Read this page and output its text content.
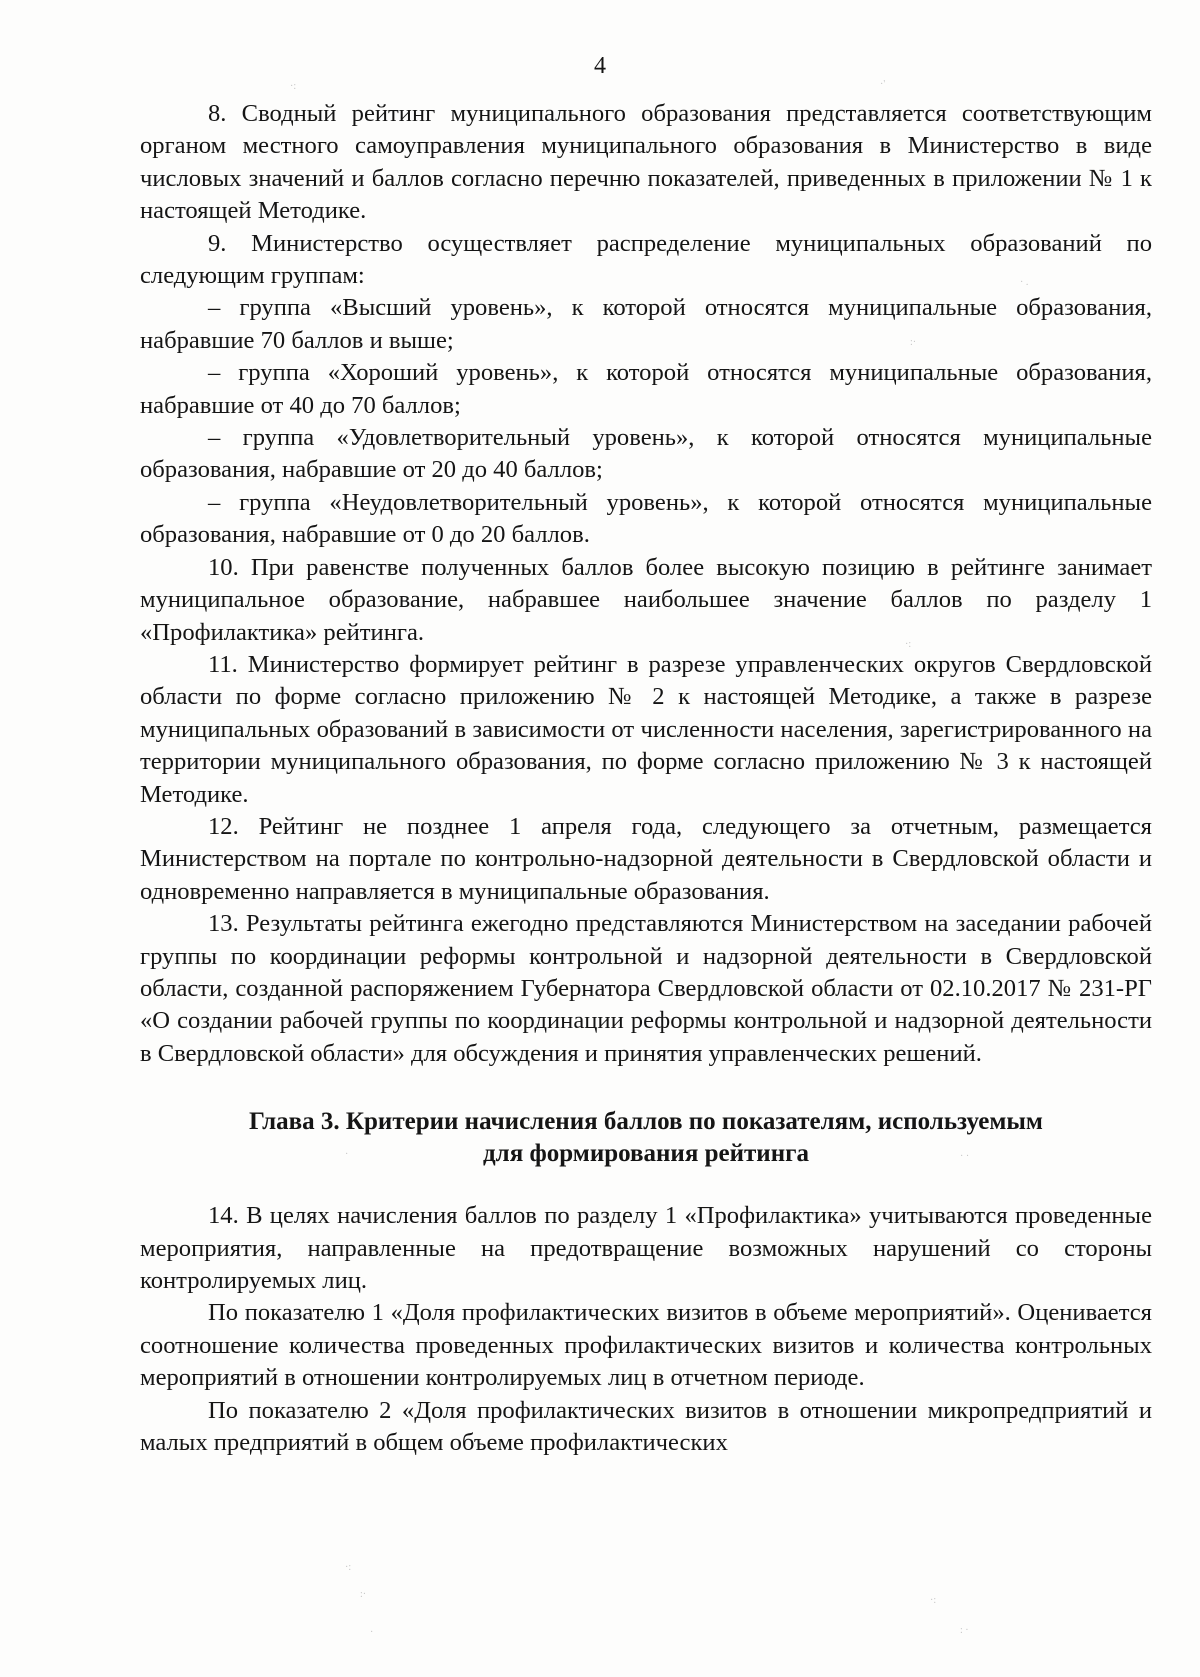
4

8. Сводный рейтинг муниципального образования представляется соответствующим органом местного самоуправления муниципального образования в Министерство в виде числовых значений и баллов согласно перечню показателей, приведенных в приложении № 1 к настоящей Методике.

9. Министерство осуществляет распределение муниципальных образований по следующим группам:

– группа «Высший уровень», к которой относятся муниципальные образования, набравшие 70 баллов и выше;

– группа «Хороший уровень», к которой относятся муниципальные образования, набравшие от 40 до 70 баллов;

– группа «Удовлетворительный уровень», к которой относятся муниципальные образования, набравшие от 20 до 40 баллов;

– группа «Неудовлетворительный уровень», к которой относятся муниципальные образования, набравшие от 0 до 20 баллов.

10. При равенстве полученных баллов более высокую позицию в рейтинге занимает муниципальное образование, набравшее наибольшее значение баллов по разделу 1 «Профилактика» рейтинга.

11. Министерство формирует рейтинг в разрезе управленческих округов Свердловской области по форме согласно приложению № 2 к настоящей Методике, а также в разрезе муниципальных образований в зависимости от численности населения, зарегистрированного на территории муниципального образования, по форме согласно приложению № 3 к настоящей Методике.

12. Рейтинг не позднее 1 апреля года, следующего за отчетным, размещается Министерством на портале по контрольно-надзорной деятельности в Свердловской области и одновременно направляется в муниципальные образования.

13. Результаты рейтинга ежегодно представляются Министерством на заседании рабочей группы по координации реформы контрольной и надзорной деятельности в Свердловской области, созданной распоряжением Губернатора Свердловской области от 02.10.2017 № 231-РГ «О создании рабочей группы по координации реформы контрольной и надзорной деятельности в Свердловской области» для обсуждения и принятия управленческих решений.

Глава 3. Критерии начисления баллов по показателям, используемым
для формирования рейтинга

14. В целях начисления баллов по разделу 1 «Профилактика» учитываются проведенные мероприятия, направленные на предотвращение возможных нарушений со стороны контролируемых лиц.

По показателю 1 «Доля профилактических визитов в объеме мероприятий». Оценивается соотношение количества проведенных профилактических визитов и количества контрольных мероприятий в отношении контролируемых лиц в отчетном периоде.

По показателю 2 «Доля профилактических визитов в отношении микропредприятий и малых предприятий в общем объеме профилактических

·:	·'
· .
:·
·:
·	· ·
·:
:·
·:
·	: ·
